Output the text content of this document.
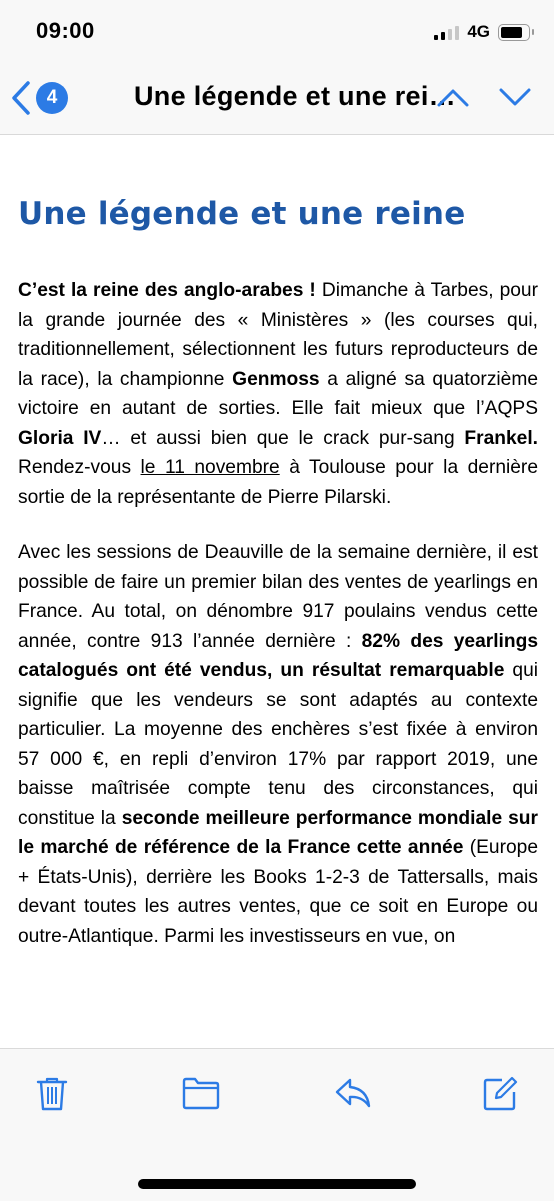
09:00	4G
4	Une légende et une rei…
Une légende et une reine

C’est la reine des anglo-arabes ! Dimanche à Tarbes, pour la grande journée des « Ministères » (les courses qui, traditionnellement, sélectionnent les futurs reproducteurs de la race), la championne Genmoss a aligné sa quatorzième victoire en autant de sorties. Elle fait mieux que l’AQPS Gloria IV… et aussi bien que le crack pur-sang Frankel. Rendez-vous le 11 novembre à Toulouse pour la dernière sortie de la représentante de Pierre Pilarski.

Avec les sessions de Deauville de la semaine dernière, il est possible de faire un premier bilan des ventes de yearlings en France. Au total, on dénombre 917 poulains vendus cette année, contre 913 l’année dernière : 82% des yearlings catalogués ont été vendus, un résultat remarquable qui signifie que les vendeurs se sont adaptés au contexte particulier. La moyenne des enchères s’est fixée à environ 57 000 €, en repli d’environ 17% par rapport 2019, une baisse maîtrisée compte tenu des circonstances, qui constitue la seconde meilleure performance mondiale sur le marché de référence de la France cette année (Europe + États-Unis), derrière les Books 1-2-3 de Tattersalls, mais devant toutes les autres ventes, que ce soit en Europe ou outre-Atlantique. Parmi les investisseurs en vue, on
